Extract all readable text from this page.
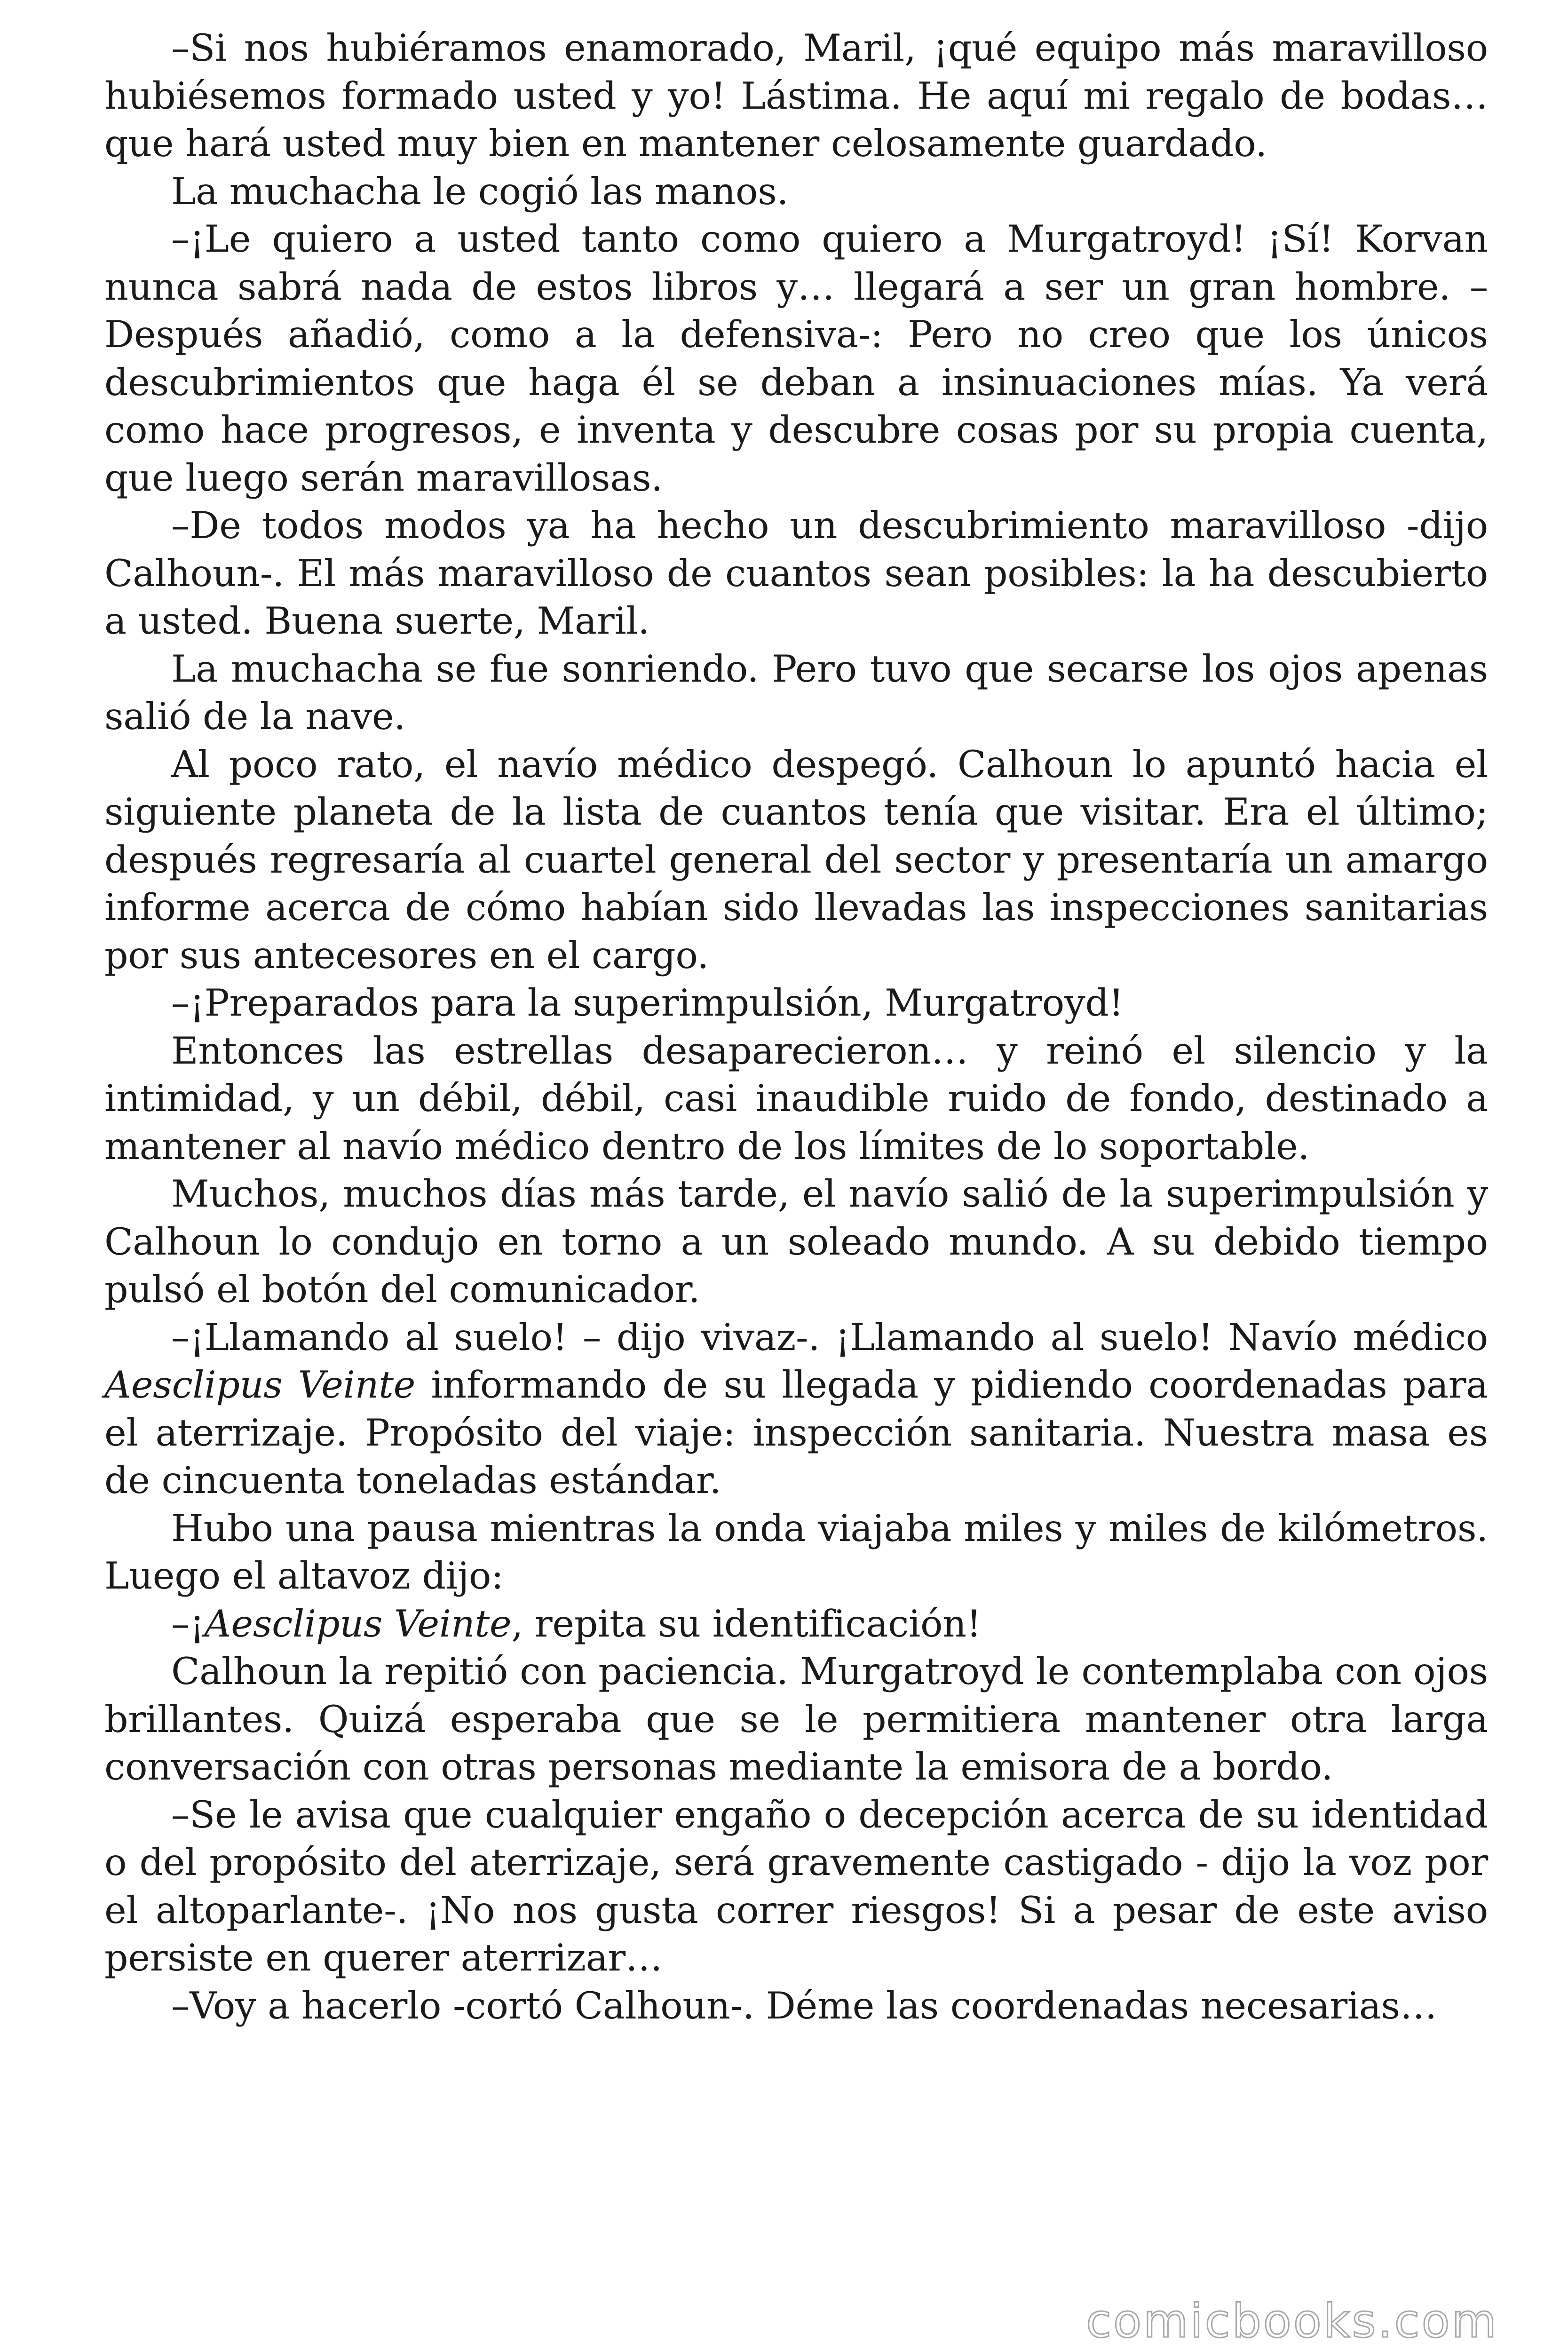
–Si nos hubiéramos enamorado, Maril, ¡qué equipo más maravilloso hubiésemos formado usted y yo! Lástima. He aquí mi regalo de bodas… que hará usted muy bien en mantener celosamente guardado.

La muchacha le cogió las manos.

–¡Le quiero a usted tanto como quiero a Murgatroyd! ¡Sí! Korvan nunca sabrá nada de estos libros y… llegará a ser un gran hombre. – Después añadió, como a la defensiva-: Pero no creo que los únicos descubrimientos que haga él se deban a insinuaciones mías. Ya verá como hace progresos, e inventa y descubre cosas por su propia cuenta, que luego serán maravillosas.

–De todos modos ya ha hecho un descubrimiento maravilloso -dijo Calhoun-. El más maravilloso de cuantos sean posibles: la ha descubierto a usted. Buena suerte, Maril.

La muchacha se fue sonriendo. Pero tuvo que secarse los ojos apenas salió de la nave.

Al poco rato, el navío médico despegó. Calhoun lo apuntó hacia el siguiente planeta de la lista de cuantos tenía que visitar. Era el último; después regresaría al cuartel general del sector y presentaría un amargo informe acerca de cómo habían sido llevadas las inspecciones sanitarias por sus antecesores en el cargo.

–¡Preparados para la superimpulsión, Murgatroyd!

Entonces las estrellas desaparecieron… y reinó el silencio y la intimidad, y un débil, débil, casi inaudible ruido de fondo, destinado a mantener al navío médico dentro de los límites de lo soportable.

Muchos, muchos días más tarde, el navío salió de la superimpulsión y Calhoun lo condujo en torno a un soleado mundo. A su debido tiempo pulsó el botón del comunicador.

–¡Llamando al suelo! – dijo vivaz-. ¡Llamando al suelo! Navío médico Aesclipus Veinte informando de su llegada y pidiendo coordenadas para el aterrizaje. Propósito del viaje: inspección sanitaria. Nuestra masa es de cincuenta toneladas estándar.

Hubo una pausa mientras la onda viajaba miles y miles de kilómetros. Luego el altavoz dijo:

–¡Aesclipus Veinte, repita su identificación!

Calhoun la repitió con paciencia. Murgatroyd le contemplaba con ojos brillantes. Quizá esperaba que se le permitiera mantener otra larga conversación con otras personas mediante la emisora de a bordo.

–Se le avisa que cualquier engaño o decepción acerca de su identidad o del propósito del aterrizaje, será gravemente castigado - dijo la voz por el altoparlante-. ¡No nos gusta correr riesgos! Si a pesar de este aviso persiste en querer aterrizar…

–Voy a hacerlo -cortó Calhoun-. Déme las coordenadas necesarias…

comicbooks.com
